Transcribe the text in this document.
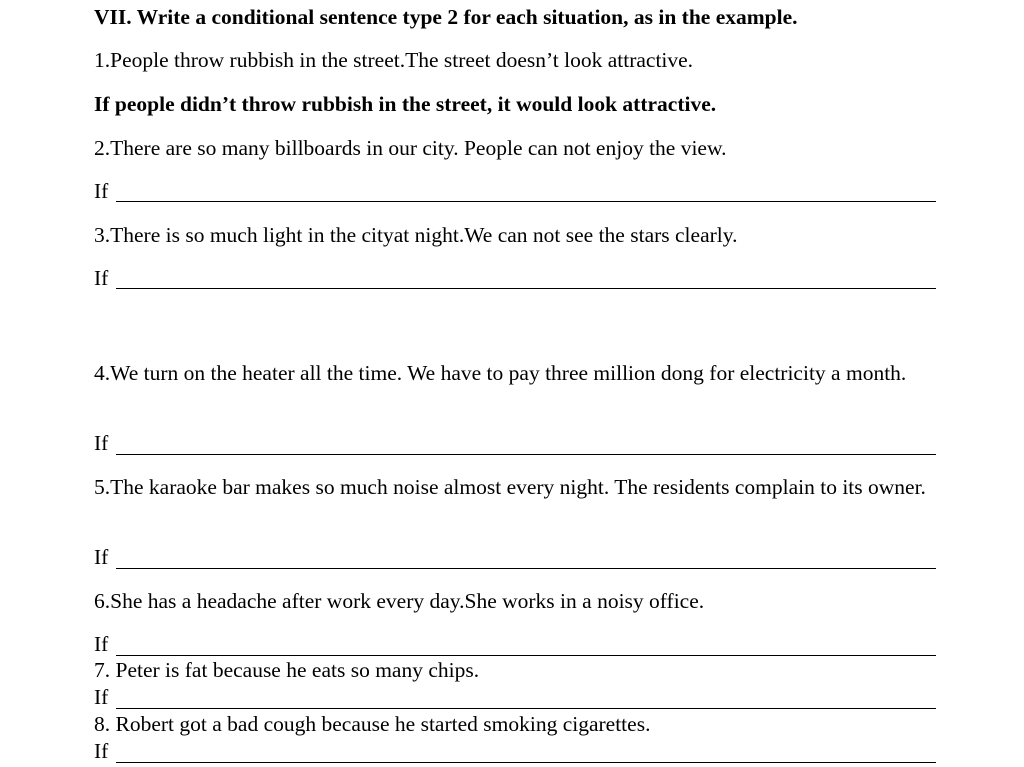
VII. Write a conditional sentence type 2 for each situation, as in the example.
1.People throw rubbish in the street.The street doesn’t look attractive.
If people didn’t throw rubbish in the street, it would look attractive.
2.There are so many billboards in our city. People can not enjoy the view.
If
3.There is so much light in the cityat night.We can not see the stars clearly.
If
4.We turn on the heater all the time. We have to pay three million dong for electricity a month.
If
5.The karaoke bar makes so much noise almost every night. The residents complain to its owner.
If
6.She has a headache after work every day.She works in a noisy office.
If
7. Peter is fat because he eats so many chips.
If
8. Robert got a bad cough because he started smoking cigarettes.
If
